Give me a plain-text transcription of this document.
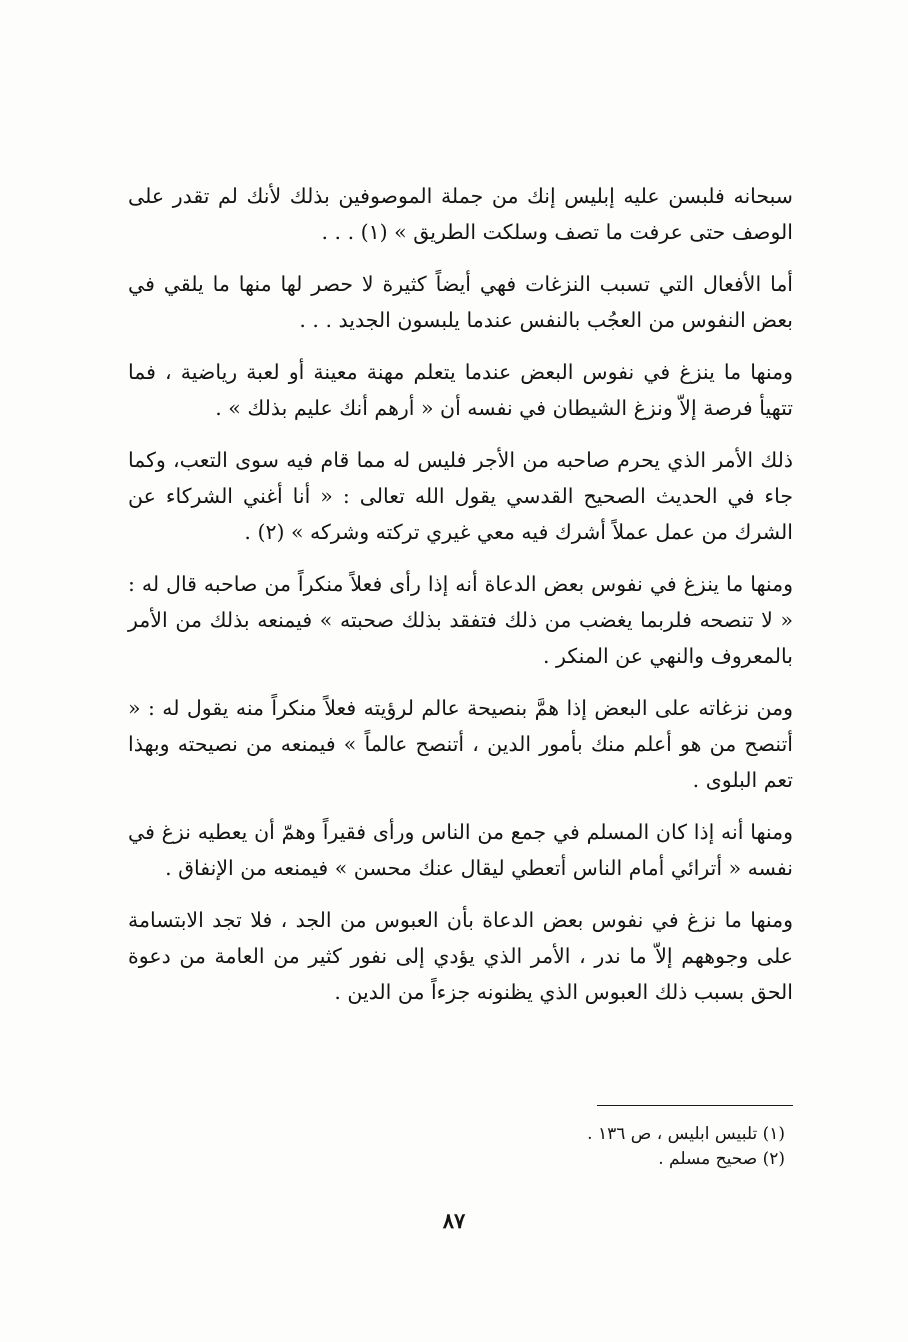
سبحانه فلبسن عليه إبليس إنك من جملة الموصوفين بذلك لأنك لم تقدر على الوصف حتى عرفت ما تصف وسلكت الطريق » (١) . . .

أما الأفعال التي تسبب النزغات فهي أيضاً كثيرة لا حصر لها منها ما يلقي في بعض النفوس من العجُب بالنفس عندما يلبسون الجديد . . .

ومنها ما ينزغ في نفوس البعض عندما يتعلم مهنة معينة أو لعبة رياضية ، فما تتهيأ فرصة إلاّ ونزغ الشيطان في نفسه أن « أرهم أنك عليم بذلك » .

ذلك الأمر الذي يحرم صاحبه من الأجر فليس له مما قام فيه سوى التعب، وكما جاء في الحديث الصحيح القدسي يقول الله تعالى : « أنا أغني الشركاء عن الشرك من عمل عملاً أشرك فيه معي غيري تركته وشركه » (٢) .

ومنها ما ينزغ في نفوس بعض الدعاة أنه إذا رأى فعلاً منكراً من صاحبه قال له : « لا تنصحه فلربما يغضب من ذلك فتفقد بذلك صحبته » فيمنعه بذلك من الأمر بالمعروف والنهي عن المنكر .

ومن نزغاته على البعض إذا همَّ بنصيحة عالم لرؤيته فعلاً منكراً منه يقول له : « أتنصح من هو أعلم منك بأمور الدين ، أتنصح عالماً » فيمنعه من نصيحته وبهذا تعم البلوى .

ومنها أنه إذا كان المسلم في جمع من الناس ورأى فقيراً وهمّ أن يعطيه نزغ في نفسه « أترائي أمام الناس أتعطي ليقال عنك محسن » فيمنعه من الإنفاق .

ومنها ما نزغ في نفوس بعض الدعاة بأن العبوس من الجد ، فلا تجد الابتسامة على وجوههم إلاّ ما ندر ، الأمر الذي يؤدي إلى نفور كثير من العامة من دعوة الحق بسبب ذلك العبوس الذي يظنونه جزءاً من الدين .

(١) تلبيس ابليس ، ص ١٣٦ .

(٢) صحيح مسلم .

٨٧
